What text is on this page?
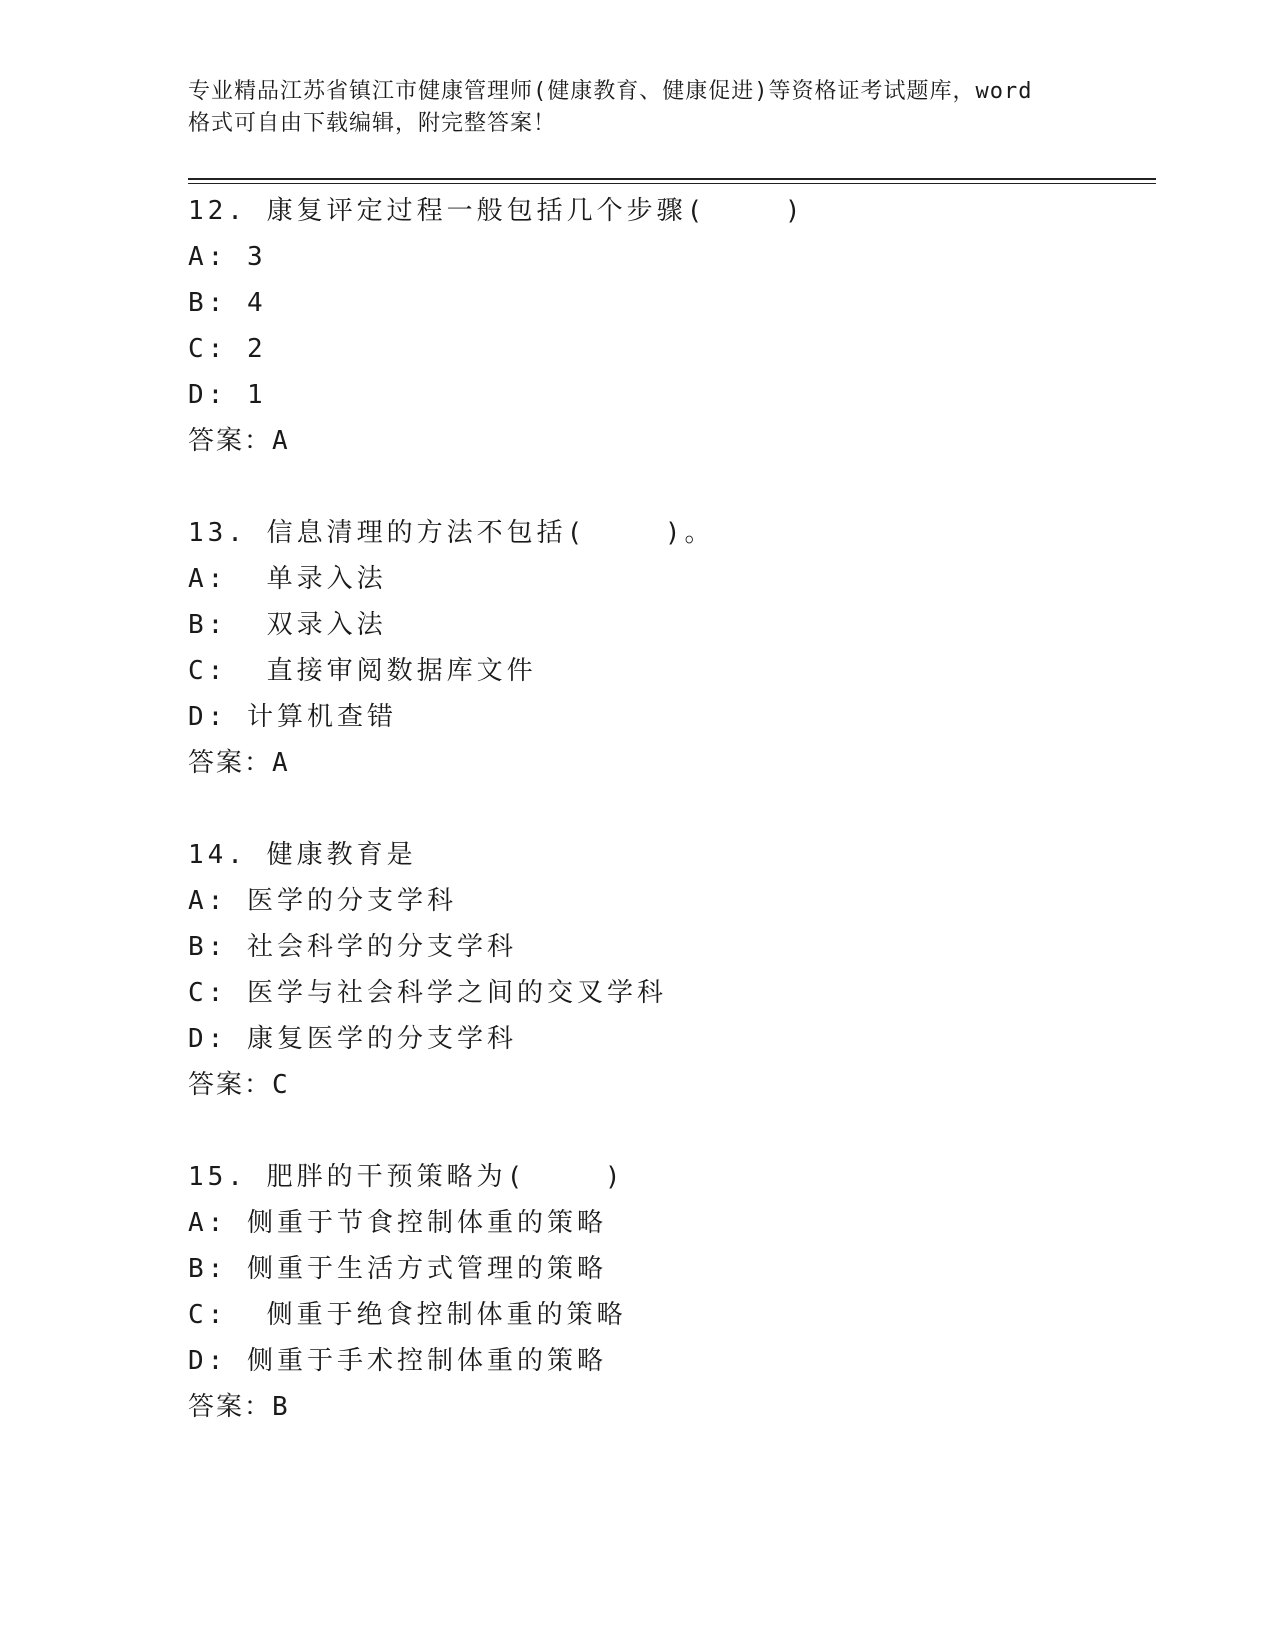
专业精品江苏省镇江市健康管理师(健康教育、健康促进)等资格证考试题库，word
格式可自由下载编辑，附完整答案！
12. 康复评定过程一般包括几个步骤(    )
A: 3
B: 4
C: 2
D: 1
答案：A
13. 信息清理的方法不包括(    )。
A:  单录入法
B:  双录入法
C:  直接审阅数据库文件
D: 计算机查错
答案：A
14. 健康教育是
A: 医学的分支学科
B: 社会科学的分支学科
C: 医学与社会科学之间的交叉学科
D: 康复医学的分支学科
答案：C
15. 肥胖的干预策略为(    )
A: 侧重于节食控制体重的策略
B: 侧重于生活方式管理的策略
C:  侧重于绝食控制体重的策略
D: 侧重于手术控制体重的策略
答案：B
